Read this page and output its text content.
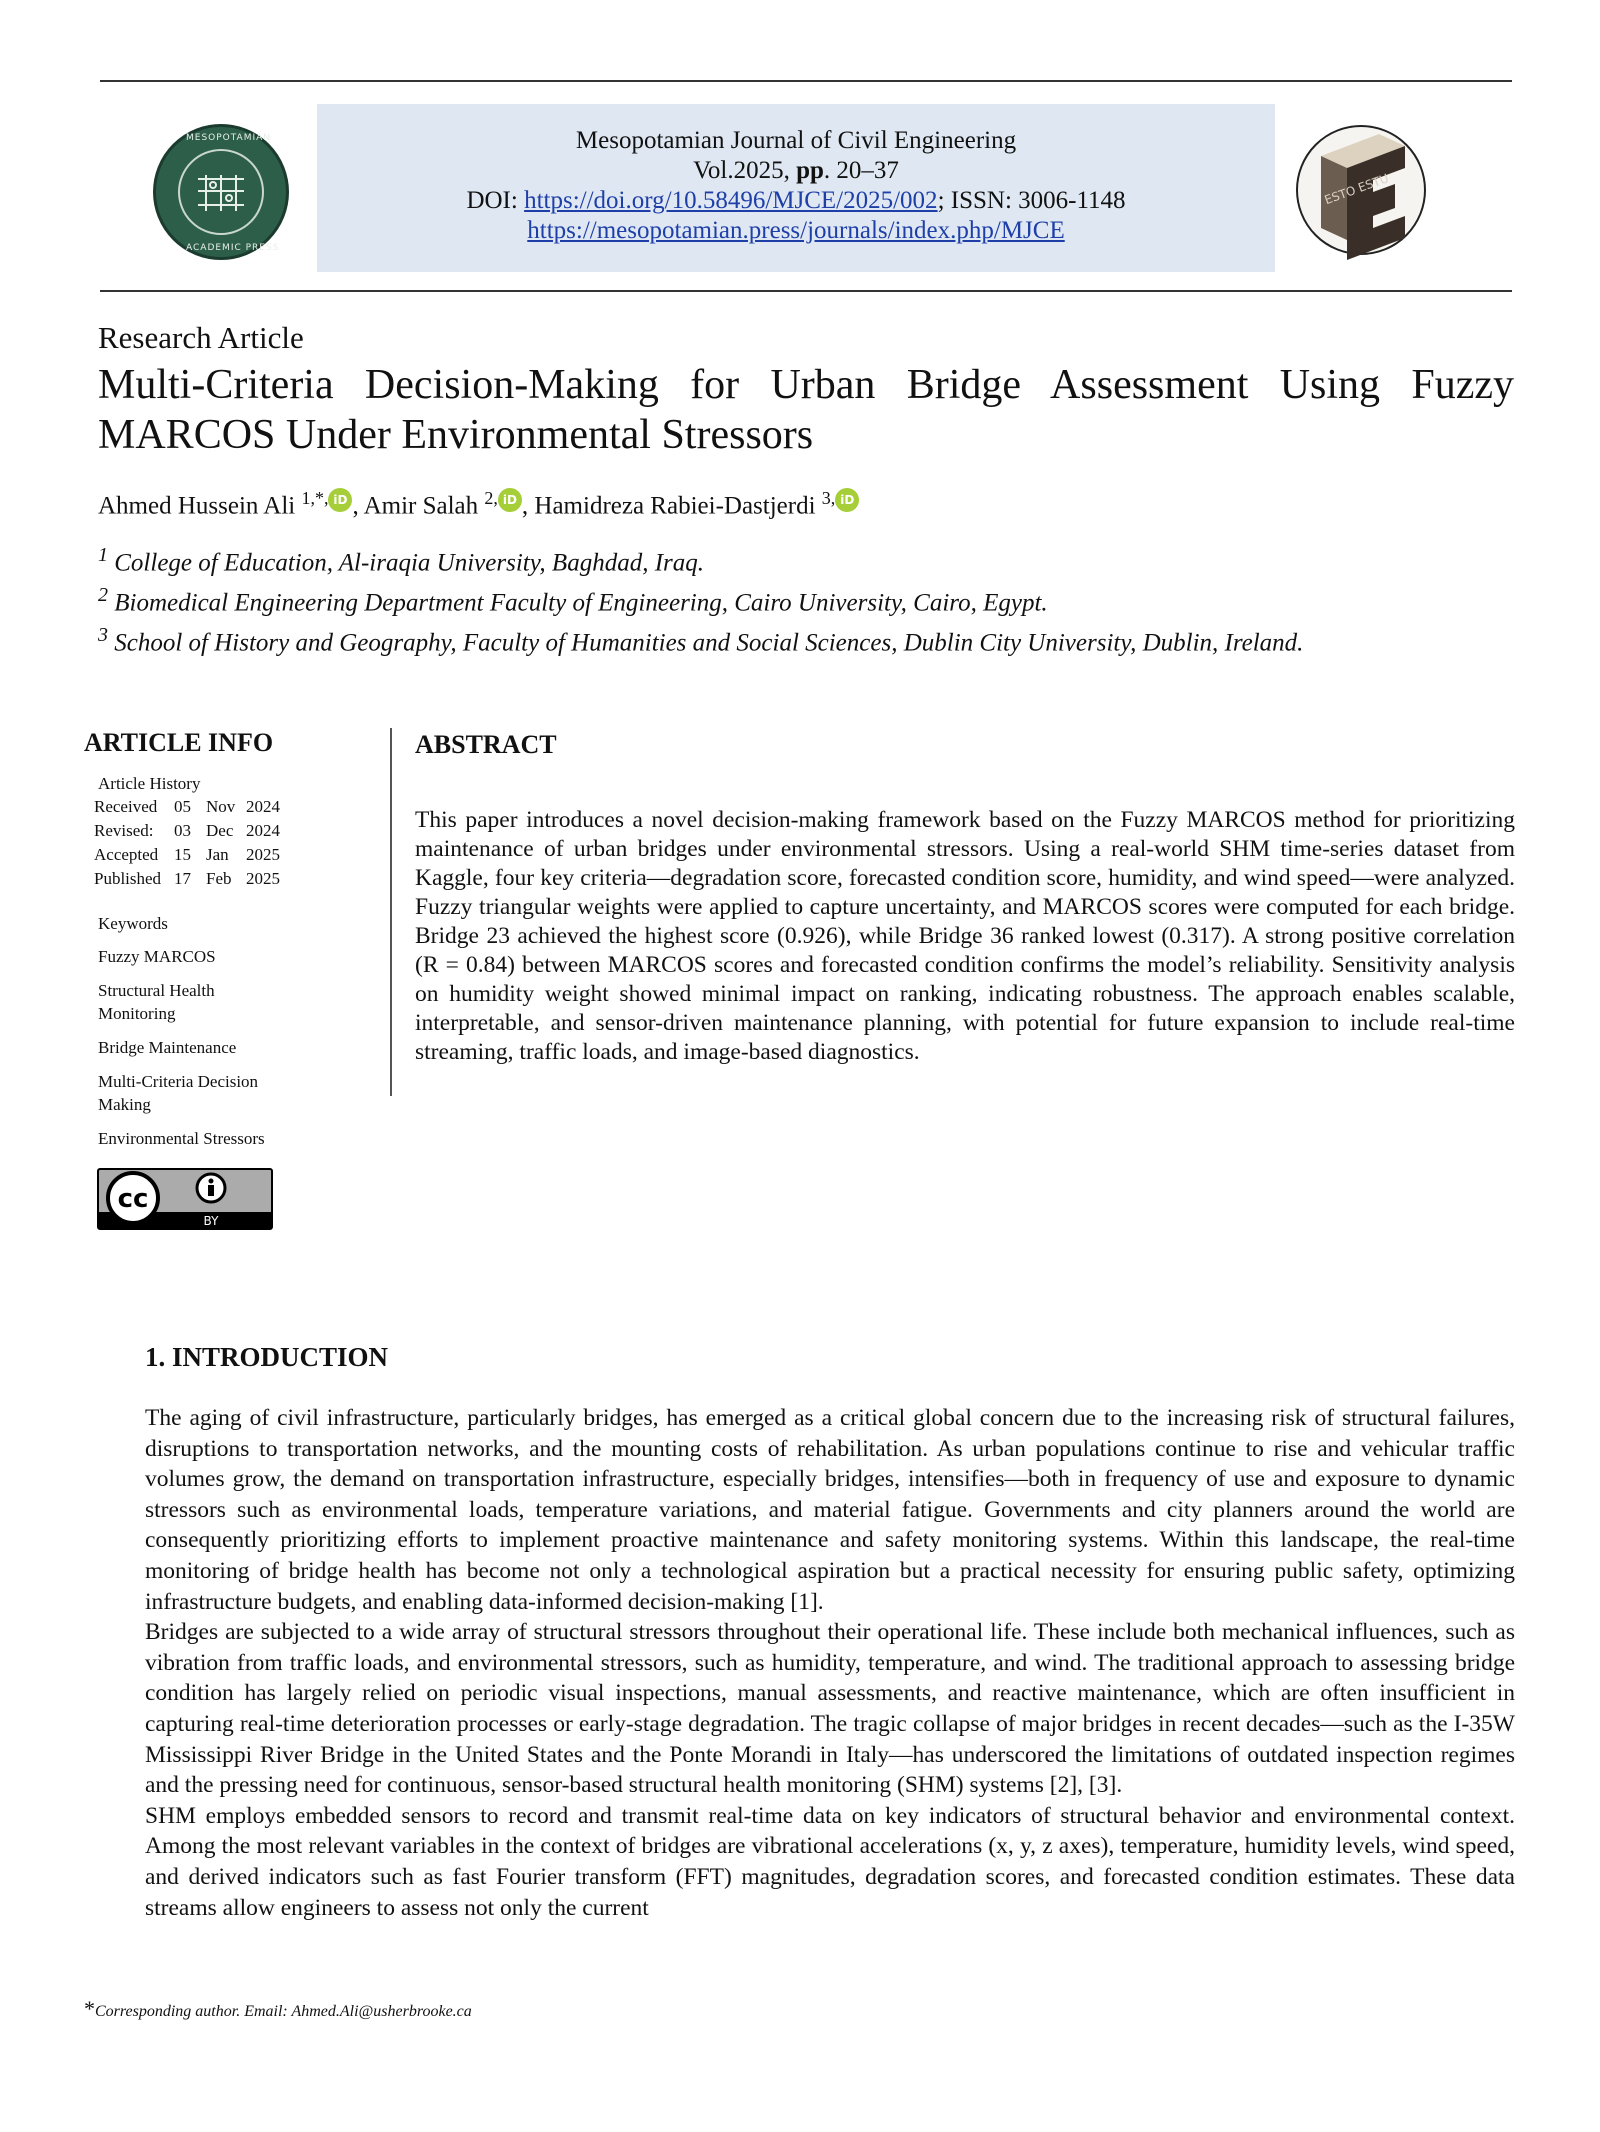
MESOPOTAMIAN
ACADEMIC PRESS
Mesopotamian Journal of Civil Engineering
Vol.2025, pp. 20–37
DOI: https://doi.org/10.58496/MJCE/2025/002; ISSN: 3006-1148
https://mesopotamian.press/journals/index.php/MJCE
ESTO ESTU
Research Article
Multi-Criteria Decision-Making for Urban Bridge Assessment Using Fuzzy MARCOS Under Environmental Stressors
Ahmed Hussein Ali $^{1,*,}$ iD , Amir Salah $^{2,}$ iD , Hamidreza Rabiei-Dastjerdi $^{3,}$ iD
$^1$ College of Education, Al-iraqia University, Baghdad, Iraq.
$^2$ Biomedical Engineering Department Faculty of Engineering, Cairo University, Cairo, Egypt.
$^3$ School of History and Geography, Faculty of Humanities and Social Sciences, Dublin City University, Dublin, Ireland.
ARTICLE INFO
Article History
Received 05 Nov 2024
Revised: 03 Dec 2024
Accepted 15 Jan 2025
Published 17 Feb 2025
Keywords
Fuzzy MARCOS
Structural Health
Monitoring
Bridge Maintenance
Multi-Criteria Decision
Making
Environmental Stressors
cc
BY
ABSTRACT
This paper introduces a novel decision-making framework based on the Fuzzy MARCOS method for prioritizing maintenance of urban bridges under environmental stressors. Using a real-world SHM time-series dataset from Kaggle, four key criteria—degradation score, forecasted condition score, humidity, and wind speed—were analyzed. Fuzzy triangular weights were applied to capture uncertainty, and MARCOS scores were computed for each bridge. Bridge 23 achieved the highest score (0.926), while Bridge 36 ranked lowest (0.317). A strong positive correlation (R = 0.84) between MARCOS scores and forecasted condition confirms the model’s reliability. Sensitivity analysis on humidity weight showed minimal impact on ranking, indicating robustness. The approach enables scalable, interpretable, and sensor-driven maintenance planning, with potential for future expansion to include real-time streaming, traffic loads, and image-based diagnostics.
1. INTRODUCTION

The aging of civil infrastructure, particularly bridges, has emerged as a critical global concern due to the increasing risk of structural failures, disruptions to transportation networks, and the mounting costs of rehabilitation. As urban populations continue to rise and vehicular traffic volumes grow, the demand on transportation infrastructure, especially bridges, intensifies—both in frequency of use and exposure to dynamic stressors such as environmental loads, temperature variations, and material fatigue. Governments and city planners around the world are consequently prioritizing efforts to implement proactive maintenance and safety monitoring systems. Within this landscape, the real-time monitoring of bridge health has become not only a technological aspiration but a practical necessity for ensuring public safety, optimizing infrastructure budgets, and enabling data-informed decision-making [1].

Bridges are subjected to a wide array of structural stressors throughout their operational life. These include both mechanical influences, such as vibration from traffic loads, and environmental stressors, such as humidity, temperature, and wind. The traditional approach to assessing bridge condition has largely relied on periodic visual inspections, manual assessments, and reactive maintenance, which are often insufficient in capturing real-time deterioration processes or early-stage degradation. The tragic collapse of major bridges in recent decades—such as the I-35W Mississippi River Bridge in the United States and the Ponte Morandi in Italy—has underscored the limitations of outdated inspection regimes and the pressing need for continuous, sensor-based structural health monitoring (SHM) systems [2], [3].

SHM employs embedded sensors to record and transmit real-time data on key indicators of structural behavior and environmental context. Among the most relevant variables in the context of bridges are vibrational accelerations (x, y, z axes), temperature, humidity levels, wind speed, and derived indicators such as fast Fourier transform (FFT) magnitudes, degradation scores, and forecasted condition estimates. These data streams allow engineers to assess not only the current

*Corresponding author. Email: Ahmed.Ali@usherbrooke.ca
